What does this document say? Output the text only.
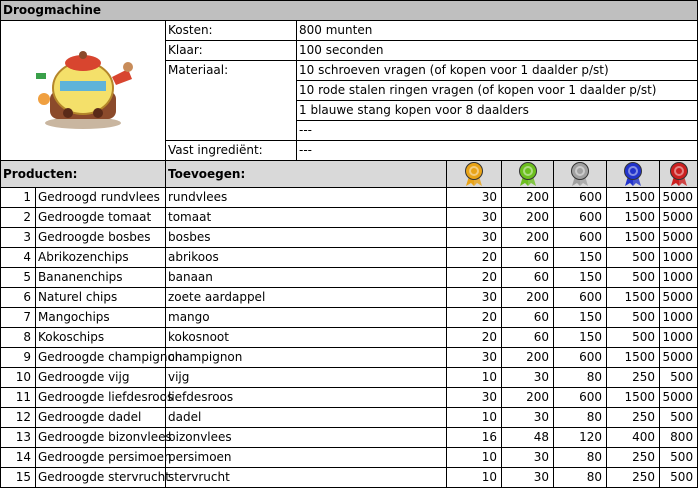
Droogmachine								
	Kosten:	800 munten					
		Klaar:	100 seconden					
		Materiaal:	10 schroeven vragen (of kopen voor 1 daalder p/st)					
			10 rode stalen ringen vragen (of kopen voor 1 daalder p/st)					
			1 blauwe stang kopen voor 8 daalders					
			---					
		Vast ingrediënt:	---					
Producten:		Toevoegen:					
1	Gedroogd rundvlees	rundvlees		30	200	600	1500	5000
2	Gedroogde tomaat	tomaat		30	200	600	1500	5000
3	Gedroogde bosbes	bosbes		30	200	600	1500	5000
4	Abrikozenchips	abrikoos		20	60	150	500	1000
5	Bananenchips	banaan		20	60	150	500	1000
6	Naturel chips	zoete aardappel		30	200	600	1500	5000
7	Mangochips	mango		20	60	150	500	1000
8	Kokoschips	kokosnoot		20	60	150	500	1000
9	Gedroogde champignon	champignon		30	200	600	1500	5000
10	Gedroogde vijg	vijg		10	30	80	250	500
11	Gedroogde liefdesroos	liefdesroos		30	200	600	1500	5000
12	Gedroogde dadel	dadel		10	30	80	250	500
13	Gedroogde bizonvlees	bizonvlees		16	48	120	400	800
14	Gedroogde persimoen	persimoen		10	30	80	250	500
15	Gedroogde stervrucht	stervrucht		10	30	80	250	500
